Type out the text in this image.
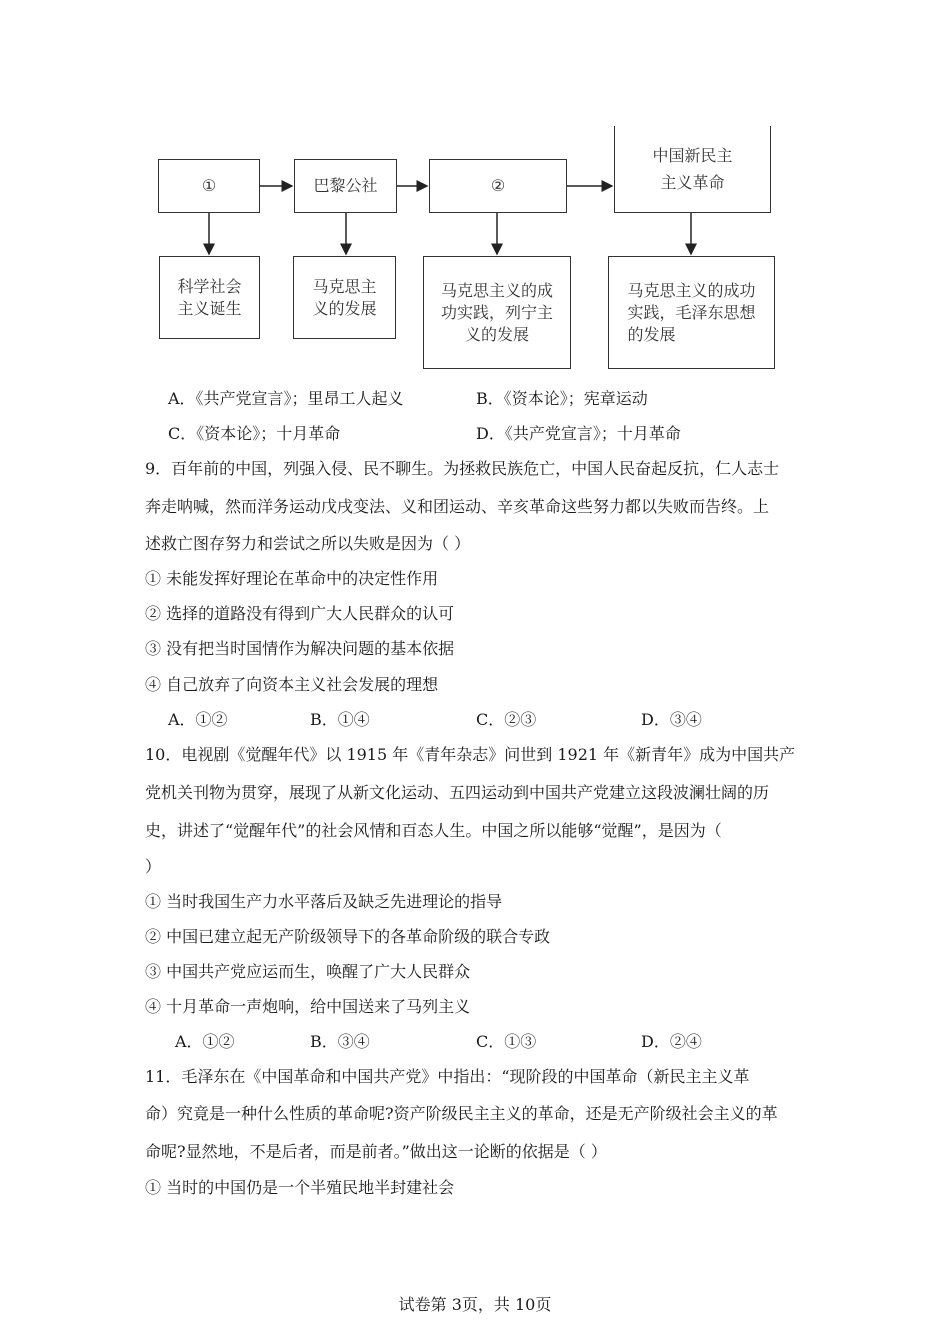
①	巴黎公社	②
中国新民主
主义革命
科学社会
主义诞生
马克思主
义的发展
马克思主义的成
功实践，列宁主
义的发展
马克思主义的成功
实践，毛泽东思想
的发展
A．《共产党宣言》；里昂工人起义	B．《资本论》；宪章运动
C．《资本论》；十月革命	D．《共产党宣言》；十月革命
9．百年前的中国，列强入侵、民不聊生。为拯救民族危亡，中国人民奋起反抗，仁人志士
奔走呐喊，然而洋务运动戊戌变法、义和团运动、辛亥革命这些努力都以失败而告终。上
述救亡图存努力和尝试之所以失败是因为（ ）
① 未能发挥好理论在革命中的决定性作用
② 选择的道路没有得到广大人民群众的认可
③ 没有把当时国情作为解决问题的基本依据
④ 自己放弃了向资本主义社会发展的理想
A．①②	B．①④	C．②③	D．③④
10．电视剧《觉醒年代》以 1915 年《青年杂志》问世到 1921 年《新青年》成为中国共产
党机关刊物为贯穿，展现了从新文化运动、五四运动到中国共产党建立这段波澜壮阔的历
史，讲述了“觉醒年代”的社会风情和百态人生。中国之所以能够“觉醒”，是因为（
）
① 当时我国生产力水平落后及缺乏先进理论的指导
② 中国已建立起无产阶级领导下的各革命阶级的联合专政
③ 中国共产党应运而生，唤醒了广大人民群众
④ 十月革命一声炮响，给中国送来了马列主义
A．①②	B．③④	C．①③	D．②④
11．毛泽东在《中国革命和中国共产党》中指出：“现阶段的中国革命（新民主主义革
命）究竟是一种什么性质的革命呢?资产阶级民主主义的革命，还是无产阶级社会主义的革
命呢?显然地，不是后者，而是前者。”做出这一论断的依据是（ ）
① 当时的中国仍是一个半殖民地半封建社会
试卷第 3页，共 10页
